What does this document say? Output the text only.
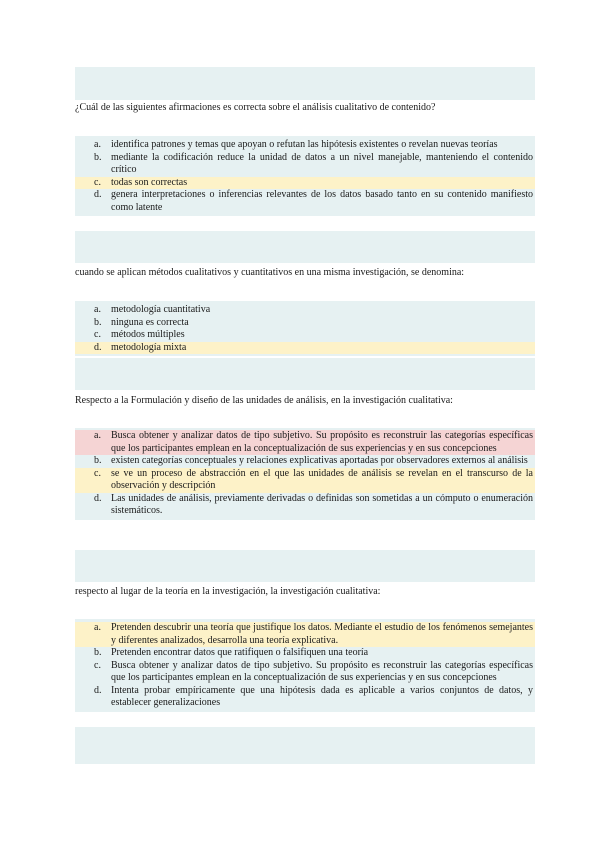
¿Cuál de las siguientes afirmaciones es correcta sobre el análisis cualitativo de contenido?
a. identifica patrones y temas que apoyan o refutan las hipótesis existentes o revelan nuevas teorías
b. mediante la codificación reduce la unidad de datos a un nivel manejable, manteniendo el contenido crítico
c. todas son correctas
d. genera interpretaciones o inferencias relevantes de los datos basado tanto en su contenido manifiesto como latente
cuando se aplican métodos cualitativos y cuantitativos en una misma investigación, se denomina:
a. metodología cuantitativa
b. ninguna es correcta
c. métodos múltiples
d. metodología mixta
Respecto a la Formulación y diseño de las unidades de análisis, en la investigación cualitativa:
a. Busca obtener y analizar datos de tipo subjetivo. Su propósito es reconstruir las categorías específicas que los participantes emplean en la conceptualización de sus experiencias y en sus concepciones
b. existen categorías conceptuales y relaciones explicativas aportadas por observadores externos al análisis
c. se ve un proceso de abstracción en el que las unidades de análisis se revelan en el transcurso de la observación y descripción
d. Las unidades de análisis, previamente derivadas o definidas son sometidas a un cómputo o enumeración sistemáticos.
respecto al lugar de la teoría en la investigación, la investigación cualitativa:
a. Pretenden descubrir una teoría que justifique los datos. Mediante el estudio de los fenómenos semejantes y diferentes analizados, desarrolla una teoría explicativa.
b. Pretenden encontrar datos que ratifiquen o falsifiquen una teoría
c. Busca obtener y analizar datos de tipo subjetivo. Su propósito es reconstruir las categorías específicas que los participantes emplean en la conceptualización de sus experiencias y en sus concepciones
d. Intenta probar empíricamente que una hipótesis dada es aplicable a varios conjuntos de datos, y establecer generalizaciones
